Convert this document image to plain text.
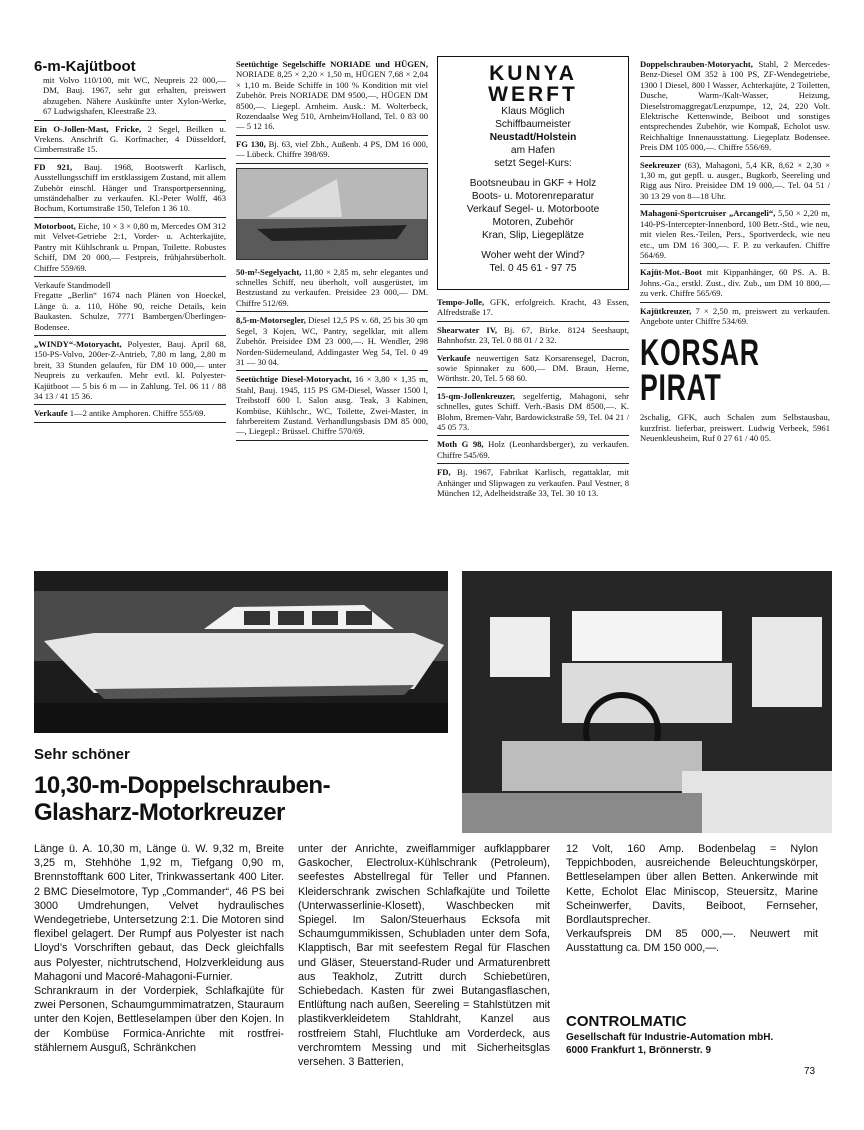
6-m-Kajütboot
mit Volvo 110/100, mit WC, Neupreis 22 000,— DM, Bauj. 1967, sehr gut erhalten, preiswert abzugeben. Nähere Auskünfte unter Xylon-Werke, 67 Ludwigshafen, Kleestraße 23.
Ein O-Jollen-Mast, Fricke, 2 Segel, Beilken u. Vrekens. Anschrift G. Korfmacher, 4 Düsseldorf, Cimbernstraße 15.
FD 921, Bauj. 1968, Bootswerft Karlisch, Ausstellungsschiff im erstklassigem Zustand, mit allem Zubehör einschl. Hänger und Transportpersenning, umständehalber zu verkaufen. Kl.-Peter Wolff, 463 Bochum, Kortumstraße 150, Telefon 1 36 10.
Motorboot, Eiche, 10 × 3 × 0,80 m, Mercedes OM 312 mit Velvet-Getriebe 2:1, Vorder- u. Achterkajüte, Pantry mit Kühlschrank u. Propan, Toilette. Robustes Schiff, DM 20 000,— Festpreis, frühjahrsüberholt. Chiffre 559/69.
Verkaufe Standmodell
Fregatte „Berlin“ 1674 nach Plänen von Hoeckel, Länge ü. a. 110, Höhe 90, reiche Details, kein Baukasten. Schulze, 7771 Bambergen/Überlingen-Bodensee.
„WINDY“-Motoryacht, Polyester, Bauj. April 68, 150-PS-Volvo, 200er-Z-Antrieb, 7,80 m lang, 2,80 m breit, 33 Stunden gelaufen, für DM 10 000,— unter Neupreis zu verkaufen. Mehr evtl. kl. Polyester-Kajütboot — 5 bis 6 m — in Zahlung. Tel. 06 11 / 88 34 13 / 41 15 36.
Verkaufe 1—2 antike Amphoren. Chiffre 555/69.
Seetüchtige Segelschiffe NORIADE und HÜGEN, NORIADE 8,25 × 2,20 × 1,50 m, HÜGEN 7,68 × 2,04 × 1,10 m. Beide Schiffe in 100 % Kondition mit viel Zubehör. Preis NORIADE DM 9500,—, HÜGEN DM 8500,—. Liegepl. Arnheim. Ausk.: M. Wolterbeck, Rozendaalse Weg 510, Arnheim/Holland, Tel. 0 83 00 — 5 12 16.
FG 130, Bj. 63, viel Zbh., Außenb. 4 PS, DM 16 000,— Lübeck. Chiffre 398/69.
50-m²-Segelyacht, 11,80 × 2,85 m, sehr elegantes und schnelles Schiff, neu überholt, voll ausgerüstet, im Bestzustand zu verkaufen. Preisidee 23 000,— DM. Chiffre 512/69.
8,5-m-Motorsegler, Diesel 12,5 PS v. 68, 25 bis 30 qm Segel, 3 Kojen, WC, Pantry, segelklar, mit allem Zubehör. Preisidee DM 23 000,—. H. Wendler, 298 Norden-Süderneuland, Addingaster Weg 54, Tel. 0 49 31 — 30 04.
Seetüchtige Diesel-Motoryacht, 16 × 3,80 × 1,35 m, Stahl, Bauj. 1945, 115 PS GM-Diesel, Wasser 1500 l, Treibstoff 600 l. Salon ausg. Teak, 3 Kabinen, Kombüse, Kühlschr., WC, Toilette, Zwei-Master, in fahrbereitem Zustand. Verhandlungsbasis DM 85 000,—, Liegepl.: Brüssel. Chiffre 570/69.
KUNYA
WERFT
Klaus Möglich
Schiffbaumeister
Neustadt/Holstein
am Hafen
setzt Segel-Kurs:
Bootsneubau in GKF + Holz
Boots- u. Motorenreparatur
Verkauf Segel- u. Motorboote
Motoren, Zubehör
Kran, Slip, Liegeplätze
Woher weht der Wind?
Tel. 0 45 61 - 97 75
Tempo-Jolle, GFK, erfolgreich. Kracht, 43 Essen, Alfredstraße 17.
Shearwater IV, Bj. 67, Birke. 8124 Seeshaupt, Bahnhofstr. 23, Tel. 0 88 01 / 2 32.
Verkaufe neuwertigen Satz Korsarensegel, Dacron, sowie Spinnaker zu 600,— DM. Braun, Herne, Wörthstr. 20, Tel. 5 68 60.
15-qm-Jollenkreuzer, segelfertig, Mahagoni, sehr schnelles, gutes Schiff. Verh.-Basis DM 8500,—. K. Blohm, Bremen-Vahr, Bardowickstraße 59, Tel. 04 21 / 45 05 73.
Moth G 98, Holz (Leonhardsberger), zu verkaufen. Chiffre 545/69.
FD, Bj. 1967, Fabrikat Karlisch, regattaklar, mit Anhänger und Slipwagen zu verkaufen. Paul Vestner, 8 München 12, Adelheidstraße 33, Tel. 30 10 13.
Doppelschrauben-Motoryacht, Stahl, 2 Mercedes-Benz-Diesel OM 352 à 100 PS, ZF-Wendegetriebe, 1300 l Diesel, 800 l Wasser, Achterkajüte, 2 Toiletten, Dusche, Warm-/Kalt-Wasser, Heizung, Dieselstromaggregat/Lenzpumpe, 12, 24, 220 Volt. Elektrische Kettenwinde, Beiboot und sonstiges entsprechendes Zubehör, wie Kompaß, Echolot usw. Reichhaltige Innenausstattung. Liegeplatz Bodensee. Preis DM 105 000,—. Chiffre 556/69.
Seekreuzer (63), Mahagoni, 5,4 KR, 8,62 × 2,30 × 1,30 m, gut gepfl. u. ausger., Bugkorb, Seereling und Rigg aus Niro. Preisidee DM 19 000,—. Tel. 04 51 / 30 13 29 von 8—18 Uhr.
Mahagoni-Sportcruiser „Arcangeli“, 5,50 × 2,20 m, 140-PS-Intercepter-Innenbord, 100 Betr.-Std., wie neu, mit vielen Res.-Teilen, Pers., Sportverdeck, wie neu etc., um DM 16 300,—. F. P. zu verkaufen. Chiffre 564/69.
Kajüt-Mot.-Boot mit Kippanhänger, 60 PS. A. B. Johns.-Ga., erstkl. Zust., div. Zub., um DM 10 800,— zu verk. Chiffre 565/69.
Kajütkreuzer, 7 × 2,50 m, preiswert zu verkaufen. Angebote unter Chiffre 534/69.
KORSAR
PIRAT
2schalig, GFK, auch Schalen zum Selbstausbau, kurzfrist. lieferbar, preiswert. Ludwig Verbeek, 5961 Neuenkleusheim, Ruf 0 27 61 / 40 05.
Sehr schöner
10,30-m-Doppelschrauben-
Glasharz-Motorkreuzer

Länge ü. A. 10,30 m, Länge ü. W. 9,32 m, Breite 3,25 m, Stehhöhe 1,92 m, Tiefgang 0,90 m, Brennstofftank 600 Liter, Trinkwassertank 400 Liter. 2 BMC Dieselmotore, Typ „Commander“, 46 PS bei 3000 Umdrehungen, Velvet hydraulisches Wendegetriebe, Untersetzung 2:1. Die Motoren sind flexibel gelagert. Der Rumpf aus Polyester ist nach Lloyd’s Vorschriften gebaut, das Deck gleichfalls aus Polyester, nichtrutschend, Holzverkleidung aus Mahagoni und Macoré-Mahagoni-Furnier.

Schrankraum in der Vorderpiek, Schlafkajüte für zwei Personen, Schaumgummimatratzen, Stauraum unter den Kojen, Bettleselampen über den Kojen. In der Kombüse Formica-Anrichte mit rostfrei-stählernem Ausguß, Schränkchen

unter der Anrichte, zweiflammiger aufklappbarer Gaskocher, Electrolux-Kühlschrank (Petroleum), seefestes Abstellregal für Teller und Pfannen. Kleiderschrank zwischen Schlafkajüte und Toilette (Unterwasserlinie-Klosett), Waschbecken mit Spiegel. Im Salon/Steuerhaus Ecksofa mit Schaumgummikissen, Schubladen unter dem Sofa, Klapptisch, Bar mit seefestem Regal für Flaschen und Gläser, Steuerstand-Ruder und Armaturenbrett aus Teakholz, Zutritt durch Schiebetüren, Schiebedach. Kasten für zwei Butangasflaschen, Entlüftung nach außen, Seereling = Stahlstützen mit plastikverkleidetem Stahldraht, Kanzel aus rostfreiem Stahl, Fluchtluke am Vorderdeck, aus verchromtem Messing und mit Sicherheitsglas versehen. 3 Batterien,

12 Volt, 160 Amp. Bodenbelag = Nylon Teppichboden, ausreichende Beleuchtungskörper, Bettleselampen über allen Betten. Ankerwinde mit Kette, Echolot Elac Miniscop, Steuersitz, Marine Scheinwerfer, Davits, Beiboot, Fernseher, Bordlautsprecher.

Verkaufspreis DM 85 000,—. Neuwert mit Ausstattung ca. DM 150 000,—.

CONTROLMATIC
Gesellschaft für Industrie-Automation mbH.
6000 Frankfurt 1, Brönnerstr. 9
73
